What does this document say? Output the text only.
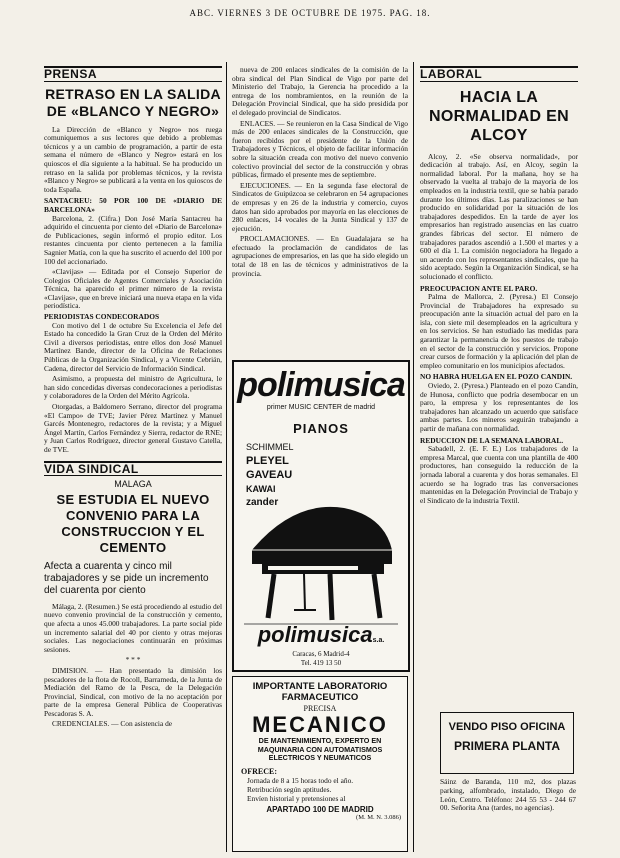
ABC. VIERNES 3 DE OCTUBRE DE 1975. PAG. 18.
PRENSA
RETRASO EN LA SALIDA DE «BLANCO Y NEGRO»

La Dirección de «Blanco y Negro» nos ruega comuniquemos a sus lectores que debido a problemas técnicos y a un cambio de programación, a partir de esta semana el número de «Blanco y Negro» estará en los quioscos el día siguiente a la habitual. Se ha producido un retraso en la salida por problemas técnicos, y la revista «Blanco y Negro» se publicará a la venta en los quioscos de toda España.

SANTACREU: 50 POR 100 DE «DIARIO DE BARCELONA»

Barcelona, 2. (Cifra.) Don José María Santacreu ha adquirido el cincuenta por ciento del «Diario de Barcelona» de Publicaciones, según informó el propio editor. Los restantes cincuenta por ciento pertenecen a la familia Sagnier Matía, con la que ha suscrito el acuerdo del 100 por 100 del accionariado.

«Clavijas» — Editada por el Consejo Superior de Colegios Oficiales de Agentes Comerciales y Asociación Técnica, ha aparecido el primer número de la revista «Clavijas», que en breve iniciará una nueva etapa en la vida periodística.

PERIODISTAS CONDECORADOS

Con motivo del 1 de octubre Su Excelencia el Jefe del Estado ha concedido la Gran Cruz de la Orden del Mérito Civil a diversos periodistas, entre ellos don José Manuel Martínez Bande, director de la Oficina de Relaciones Públicas de la Organización Sindical, y a Vicente Cebrián, Cadena, director del Servicio de Información Sindical.

Asimismo, a propuesta del ministro de Agricultura, le han sido concedidas diversas condecoraciones a periodistas y colaboradores de la Orden del Mérito Agrícola.

Otorgadas, a Baldomero Serrano, director del programa «El Campo» de TVE; Javier Pérez Martínez y Manuel Garcés Montenegro, redactores de la revista; y a Miguel Ángel Martín, Carlos Fernández y Sierra, redactor de RNE; y Juan Carlos Rodríguez, director general Gustavo Catella, de TVE.

VIDA SINDICAL
MALAGA
SE ESTUDIA EL NUEVO CONVENIO PARA LA CONSTRUCCION Y EL CEMENTO
Afecta a cuarenta y cinco mil trabajadores y se pide un incremento del cuarenta por ciento

Málaga, 2. (Resumen.) Se está procediendo al estudio del nuevo convenio provincial de la construcción y cemento, que afecta a unos 45.000 trabajadores. La parte social pide un incremento salarial del 40 por ciento y otras mejoras sociales. Las negociaciones continuarán en próximas sesiones.

* * *

DIMISION. — Han presentado la dimisión los pescadores de la flota de Rocoll, Barrameda, de la Junta de Mediación del Ramo de la Pesca, de la Delegación Provincial, Sindical, con motivo de la no aceptación por parte de la empresa General Pública de Cooperativas Pescadoras S. A.

CREDENCIALES. — Con asistencia de

nueva de 200 enlaces sindicales de la comisión de la obra sindical del Plan Sindical de Vigo por parte del Ministerio del Trabajo, la Gerencia ha procedido a la entrega de los nombramientos, en la reunión de la Delegación Provincial Sindical, que ha sido presidida por el delegado provincial de Sindicatos.

ENLACES. — Se reunieron en la Casa Sindical de Vigo más de 200 enlaces sindicales de la Construcción, que fueron recibidos por el presidente de la Unión de Trabajadores y Técnicos, el objeto de facilitar información sobre la situación creada con motivo del nuevo convenio colectivo provincial del sector de la construcción y obras públicas, firmado el presente mes de septiembre.

EJECUCIONES. — En la segunda fase electoral de Sindicatos de Guipúzcoa se celebraron en 54 agrupaciones de empresas y en 26 de la industria y comercio, cuyos datos han sido aprobados por mayoría en las elecciones de 280 enlaces, 14 vocales de la Junta Sindical y 137 de ejecución.

PROCLAMACIONES. — En Guadalajara se ha efectuado la proclamación de candidatos de las agrupaciones de empresarios, en las que ha sido elegido un total de 18 en las de técnicos y administrativos de la provincia.

polimusica
primer MUSIC CENTER de madrid
PIANOS
SCHIMMEL
PLEYEL
GAVEAU
KAWAI
zander
polimusicas.a.
Caracas, 6 Madrid-4
Tel. 419 13 50
IMPORTANTE LABORATORIO
FARMACEUTICO
PRECISA
MECANICO
DE MANTENIMIENTO, EXPERTO EN MAQUINARIA CON AUTOMATISMOS ELECTRICOS Y NEUMATICOS
OFRECE:
Jornada de 8 a 15 horas todo el año.
Retribución según aptitudes.
Envíen historial y pretensiones al
APARTADO 100 DE MADRID
(M. M. N. 3.086)
LABORAL
HACIA LA NORMALIDAD EN ALCOY

Alcoy, 2. «Se observa normalidad», por dedicación al trabajo. Así, en Alcoy, según la normalidad laboral. Por la mañana, hoy se ha observado la vuelta al trabajo de la mayoría de los empleados en la industria textil, que se había parado durante los últimos días. Las paralizaciones se han producido en solidaridad por la situación de los trabajadores despedidos. En la tarde de ayer los empresarios han registrado ausencias en las cuatro grandes fábricas del sector. El número de trabajadores parados ascendió a 1.500 el martes y a 600 el día 1. La comisión negociadora ha llegado a un acuerdo con los representantes sindicales, que ha sido aceptado. Según la Organización Sindical, se ha solucionado el conflicto.

PREOCUPACION ANTE EL PARO.

Palma de Mallorca, 2. (Pyresa.) El Consejo Provincial de Trabajadores ha expresado su preocupación ante la situación actual del paro en la isla, con siete mil desempleados en la agricultura y en los servicios. Se han estudiado las medidas para garantizar la permanencia de los puestos de trabajo en el sector de la construcción y servicios. Propone crear cursos de formación y la aplicación del plan de empleo comunitario en los municipios afectados.

NO HABRA HUELGA EN EL POZO CANDIN.

Oviedo, 2. (Pyresa.) Planteado en el pozo Candín, de Hunosa, conflicto que podría desembocar en un paro, la empresa y los representantes de los trabajadores han alcanzado un acuerdo que satisface ambas partes. Los mineros seguirán trabajando a partir de mañana con normalidad.

REDUCCION DE LA SEMANA LABORAL.

Sabadell, 2. (E. F. E.) Los trabajadores de la empresa Marcal, que cuenta con una plantilla de 400 productores, han conseguido la reducción de la jornada laboral a cuarenta y dos horas semanales. El acuerdo se ha logrado tras las conversaciones mantenidas en la Delegación Provincial de Trabajo y el Sindicato de la industria Textil.

VENDO PISO OFICINA
PRIMERA PLANTA
Sáinz de Baranda, 110 m2, dos plazas parking, alfombrado, instalado, Diego de León, Centro. Teléfono: 244 55 53 - 244 67 00. Señorita Ana (tardes, no agencias).
